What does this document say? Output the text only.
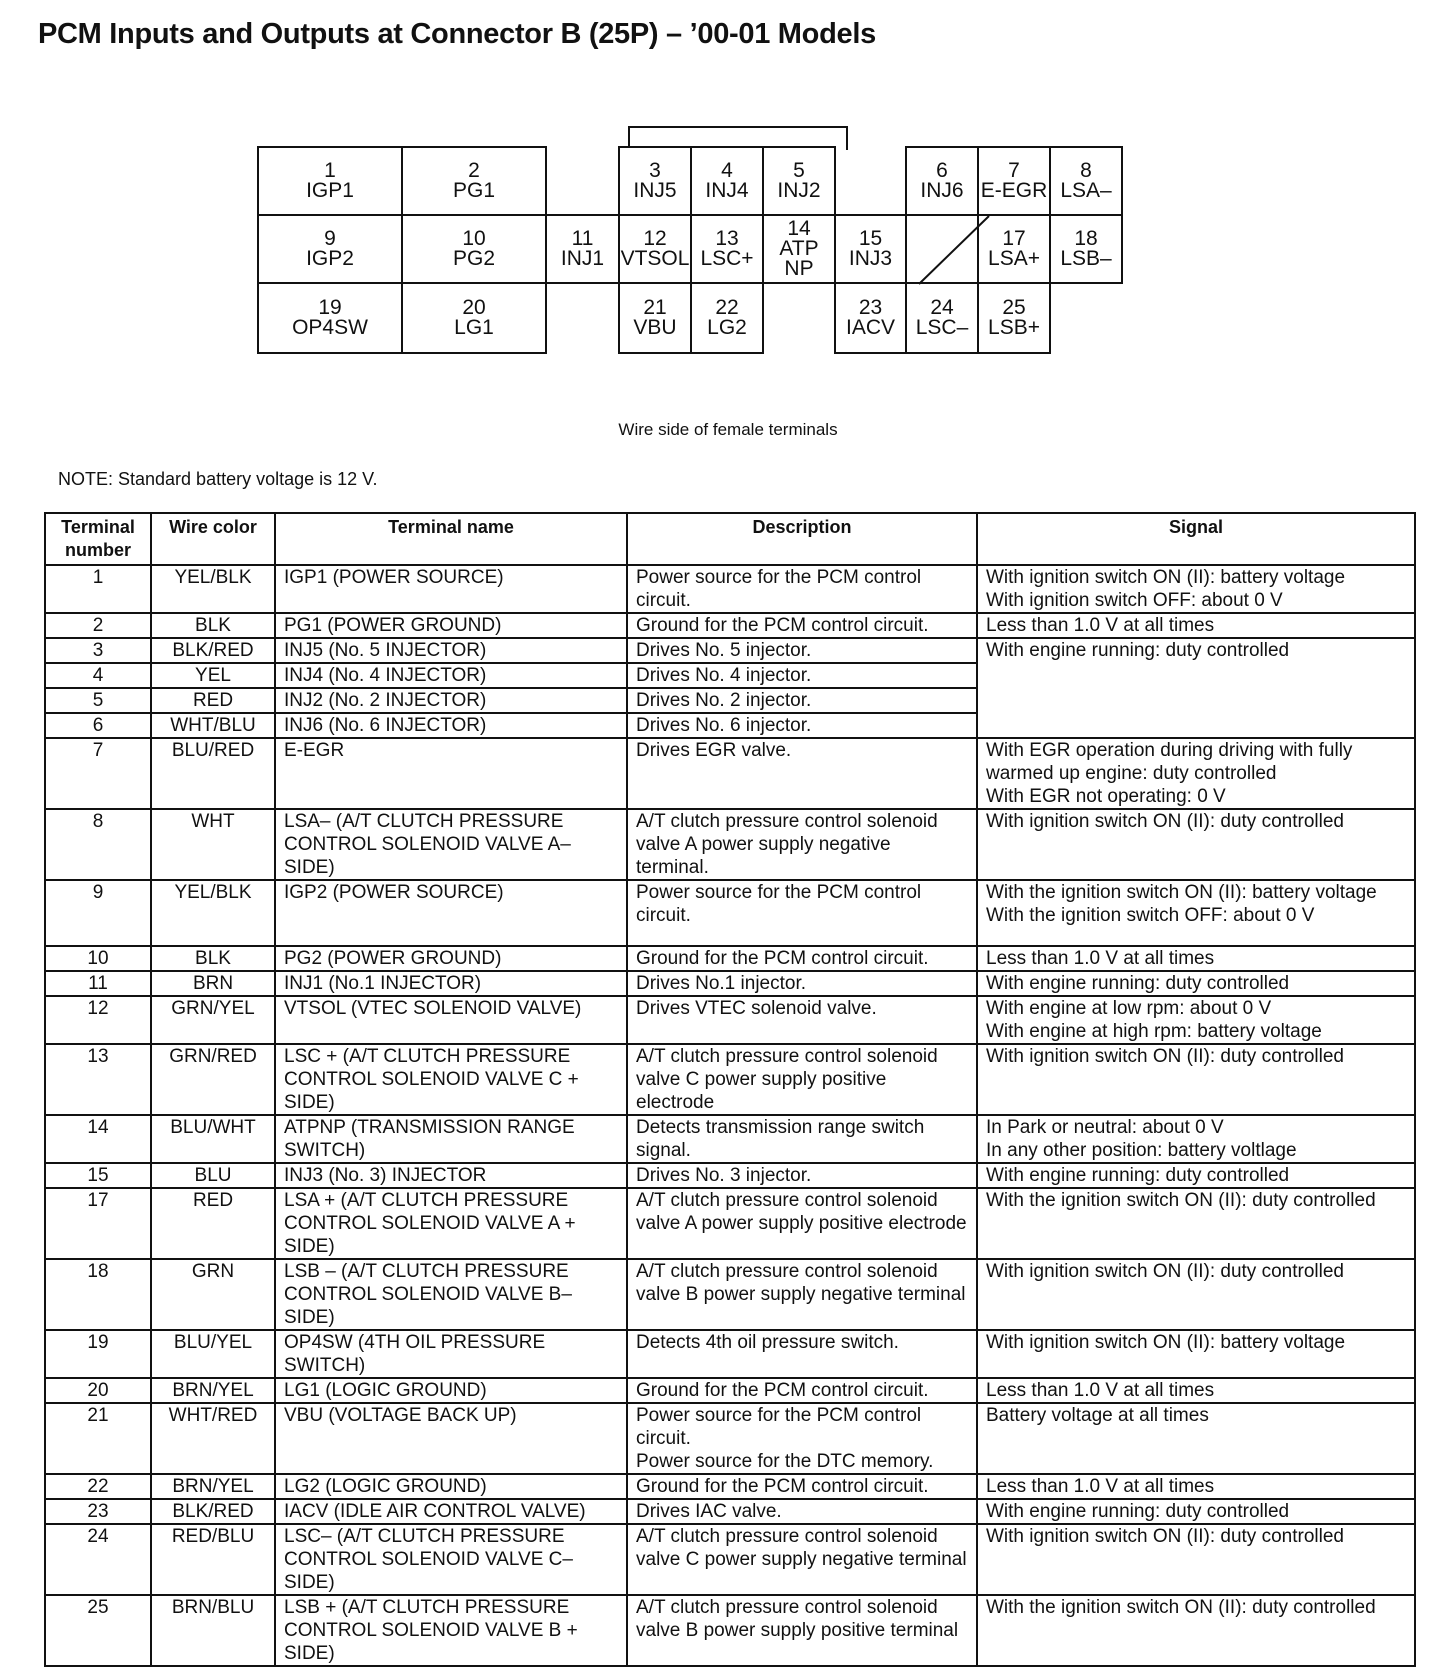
PCM Inputs and Outputs at Connector B (25P) – ’00-01 Models
1
IGP1
2
PG1
3
INJ5
4
INJ4
5
INJ2
6
INJ6
7
E-EGR
8
LSA–
9
IGP2
10
PG2
11
INJ1
12
VTSOL
13
LSC+
14
ATP NP
15
INJ3
17
LSA+
18
LSB–
19
OP4SW
20
LG1
21
VBU
22
LG2
23
IACV
24
LSC–
25
LSB+
Wire side of female terminals
NOTE: Standard battery voltage is 12 V.
Terminal number	Wire color	Terminal name	Description	Signal
1	YEL/BLK	IGP1 (POWER SOURCE)	Power source for the PCM control circuit.	With ignition switch ON (II): battery voltage
With ignition switch OFF: about 0 V
2	BLK	PG1 (POWER GROUND)	Ground for the PCM control circuit.	Less than 1.0 V at all times
3	BLK/RED	INJ5 (No. 5 INJECTOR)	Drives No. 5 injector.	With engine running: duty controlled
4	YEL	INJ4 (No. 4 INJECTOR)	Drives No. 4 injector.	
5	RED	INJ2 (No. 2 INJECTOR)	Drives No. 2 injector.	
6	WHT/BLU	INJ6 (No. 6 INJECTOR)	Drives No. 6 injector.	
7	BLU/RED	E-EGR	Drives EGR valve.	With EGR operation during driving with fully warmed up engine: duty controlled
With EGR not operating: 0 V
8	WHT	LSA– (A/T CLUTCH PRESSURE CONTROL SOLENOID VALVE A– SIDE)	A/T clutch pressure control solenoid valve A power supply negative terminal.	With ignition switch ON (II): duty controlled
9	YEL/BLK	IGP2 (POWER SOURCE)	Power source for the PCM control circuit.	With the ignition switch ON (II): battery voltage
With the ignition switch OFF: about 0 V
10	BLK	PG2 (POWER GROUND)	Ground for the PCM control circuit.	Less than 1.0 V at all times
11	BRN	INJ1 (No.1 INJECTOR)	Drives No.1 injector.	With engine running: duty controlled
12	GRN/YEL	VTSOL (VTEC SOLENOID VALVE)	Drives VTEC solenoid valve.	With engine at low rpm: about 0 V
With engine at high rpm: battery voltage
13	GRN/RED	LSC + (A/T CLUTCH PRESSURE CONTROL SOLENOID VALVE C + SIDE)	A/T clutch pressure control solenoid valve C power supply positive electrode	With ignition switch ON (II): duty controlled
14	BLU/WHT	ATPNP (TRANSMISSION RANGE SWITCH)	Detects transmission range switch signal.	In Park or neutral: about 0 V
In any other position: battery voltlage
15	BLU	INJ3 (No. 3) INJECTOR	Drives No. 3 injector.	With engine running: duty controlled
17	RED	LSA + (A/T CLUTCH PRESSURE CONTROL SOLENOID VALVE A + SIDE)	A/T clutch pressure control solenoid valve A power supply positive electrode	With the ignition switch ON (II): duty controlled
18	GRN	LSB – (A/T CLUTCH PRESSURE CONTROL SOLENOID VALVE B– SIDE)	A/T clutch pressure control solenoid valve B power supply negative terminal	With ignition switch ON (II): duty controlled
19	BLU/YEL	OP4SW (4TH OIL PRESSURE SWITCH)	Detects 4th oil pressure switch.	With ignition switch ON (II): battery voltage
20	BRN/YEL	LG1 (LOGIC GROUND)	Ground for the PCM control circuit.	Less than 1.0 V at all times
21	WHT/RED	VBU (VOLTAGE BACK UP)	Power source for the PCM control circuit.
Power source for the DTC memory.	Battery voltage at all times
22	BRN/YEL	LG2 (LOGIC GROUND)	Ground for the PCM control circuit.	Less than 1.0 V at all times
23	BLK/RED	IACV (IDLE AIR CONTROL VALVE)	Drives IAC valve.	With engine running: duty controlled
24	RED/BLU	LSC– (A/T CLUTCH PRESSURE CONTROL SOLENOID VALVE C– SIDE)	A/T clutch pressure control solenoid valve C power supply negative terminal	With ignition switch ON (II): duty controlled
25	BRN/BLU	LSB + (A/T CLUTCH PRESSURE CONTROL SOLENOID VALVE B + SIDE)	A/T clutch pressure control solenoid valve B power supply positive terminal	With the ignition switch ON (II): duty controlled
